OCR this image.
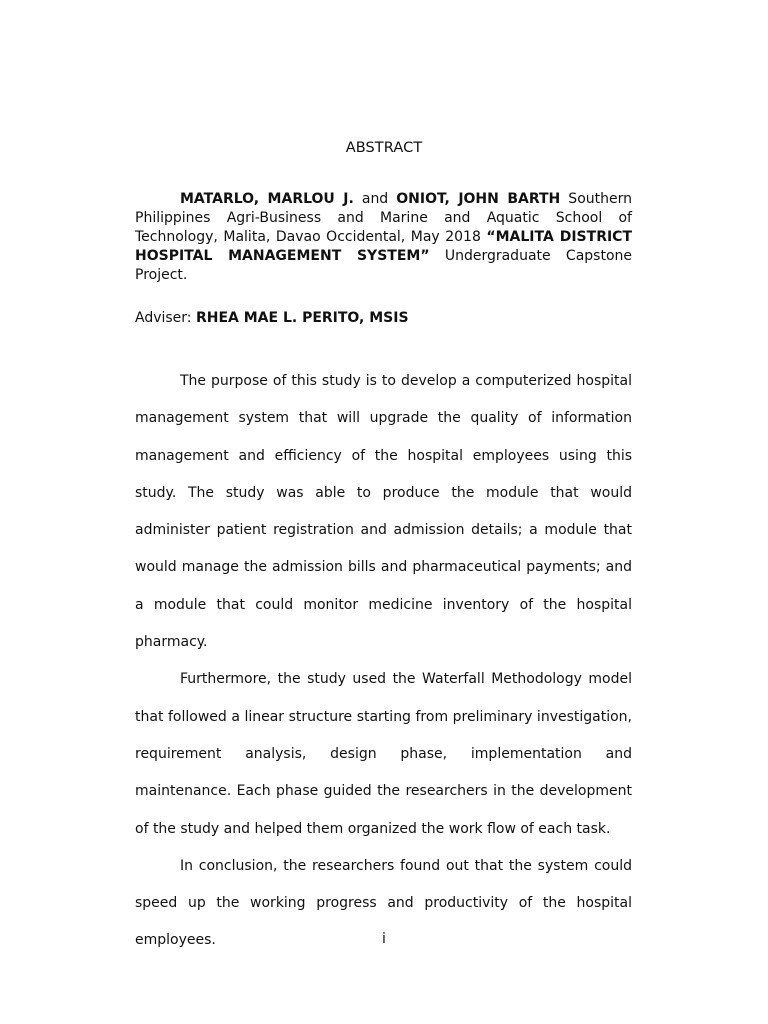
ABSTRACT
MATARLO, MARLOU J. and ONIOT, JOHN BARTH Southern Philippines Agri-Business and Marine and Aquatic School of Technology, Malita, Davao Occidental, May 2018 “MALITA DISTRICT HOSPITAL MANAGEMENT SYSTEM” Undergraduate Capstone Project.
Adviser: RHEA MAE L. PERITO, MSIS

The purpose of this study is to develop a computerized hospital management system that will upgrade the quality of information management and efficiency of the hospital employees using this study. The study was able to produce the module that would administer patient registration and admission details; a module that would manage the admission bills and pharmaceutical payments; and a module that could monitor medicine inventory of the hospital pharmacy.

Furthermore, the study used the Waterfall Methodology model that followed a linear structure starting from preliminary investigation, requirement analysis, design phase, implementation and maintenance. Each phase guided the researchers in the development of the study and helped them organized the work flow of each task.

In conclusion, the researchers found out that the system could speed up the working progress and productivity of the hospital employees.	i
